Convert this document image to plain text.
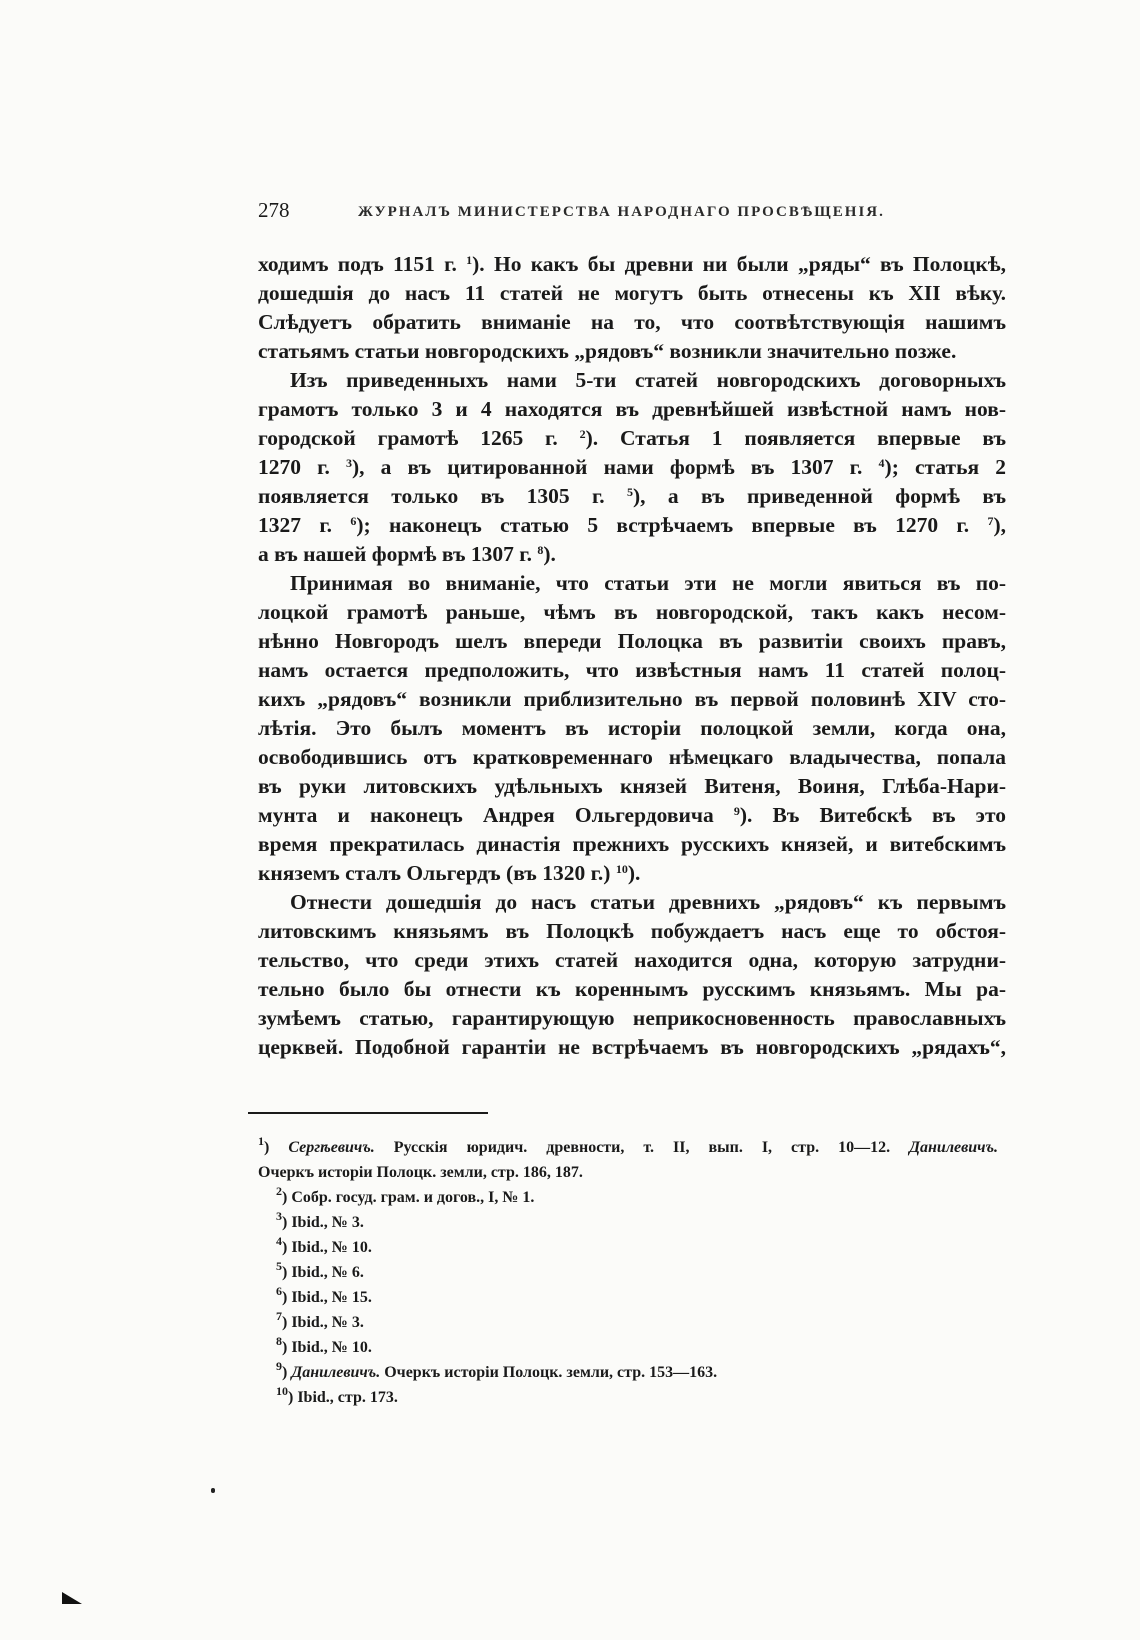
278	ЖУРНАЛЪ МИНИСТЕРСТВА НАРОДНАГО ПРОСВѢЩЕНІЯ.
ходимъ подъ 1151 г. $^1$). Но какъ бы древни ни были „ряды“ въ Полоцкѣ,
дошедшія до насъ 11 статей не могутъ быть отнесены къ XII вѣку.
Слѣдуетъ обратить вниманіе на то, что соотвѣтствующія нашимъ
статьямъ статьи новгородскихъ „рядовъ“ возникли значительно позже.
Изъ приведенныхъ нами 5-ти статей новгородскихъ договорныхъ
грамотъ только 3 и 4 находятся въ древнѣйшей извѣстной намъ нов-
городской грамотѣ 1265 г. $^2$). Статья 1 появляется впервые въ
1270 г. $^3$), а въ цитированной нами формѣ въ 1307 г. $^4$); статья 2
появляется только въ 1305 г. $^5$), а въ приведенной формѣ въ
1327 г. $^6$); наконецъ статью 5 встрѣчаемъ впервые въ 1270 г. $^7$),
а въ нашей формѣ въ 1307 г. $^8$).
Принимая во вниманіе, что статьи эти не могли явиться въ по-
лоцкой грамотѣ раньше, чѣмъ въ новгородской, такъ какъ несом-
нѣнно Новгородъ шелъ впереди Полоцка въ развитіи своихъ правъ,
намъ остается предположить, что извѣстныя намъ 11 статей полоц-
кихъ „рядовъ“ возникли приблизительно въ первой половинѣ XIV сто-
лѣтія. Это былъ моментъ въ исторіи полоцкой земли, когда она,
освободившись отъ кратковременнаго нѣмецкаго владычества, попала
въ руки литовскихъ удѣльныхъ князей Витеня, Воиня, Глѣба-Нари-
мунта и наконецъ Андрея Ольгердовича $^9$). Въ Витебскѣ въ это
время прекратилась династія прежнихъ русскихъ князей, и витебскимъ
княземъ сталъ Ольгердъ (въ 1320 г.) $^{10}$).
Отнести дошедшія до насъ статьи древнихъ „рядовъ“ къ первымъ
литовскимъ князьямъ въ Полоцкѣ побуждаетъ насъ еще то обстоя-
тельство, что среди этихъ статей находится одна, которую затрудни-
тельно было бы отнести къ кореннымъ русскимъ князьямъ. Мы ра-
зумѣемъ статью, гарантирующую неприкосновенность православныхъ
церквей. Подобной гарантіи не встрѣчаемъ въ новгородскихъ „рядахъ“,
$^1$) Сергѣевичъ. Русскія юридич. древности, т. II, вып. I, стр. 10—12. Данилевичъ.
Очеркъ исторіи Полоцк. земли, стр. 186, 187.
$^2$) Собр. госуд. грам. и догов., I, № 1.
$^3$) Ibid., № 3.
$^4$) Ibid., № 10.
$^5$) Ibid., № 6.
$^6$) Ibid., № 15.
$^7$) Ibid., № 3.
$^8$) Ibid., № 10.
$^9$) Данилевичъ. Очеркъ исторіи Полоцк. земли, стр. 153—163.
$^{10}$) Ibid., стр. 173.
